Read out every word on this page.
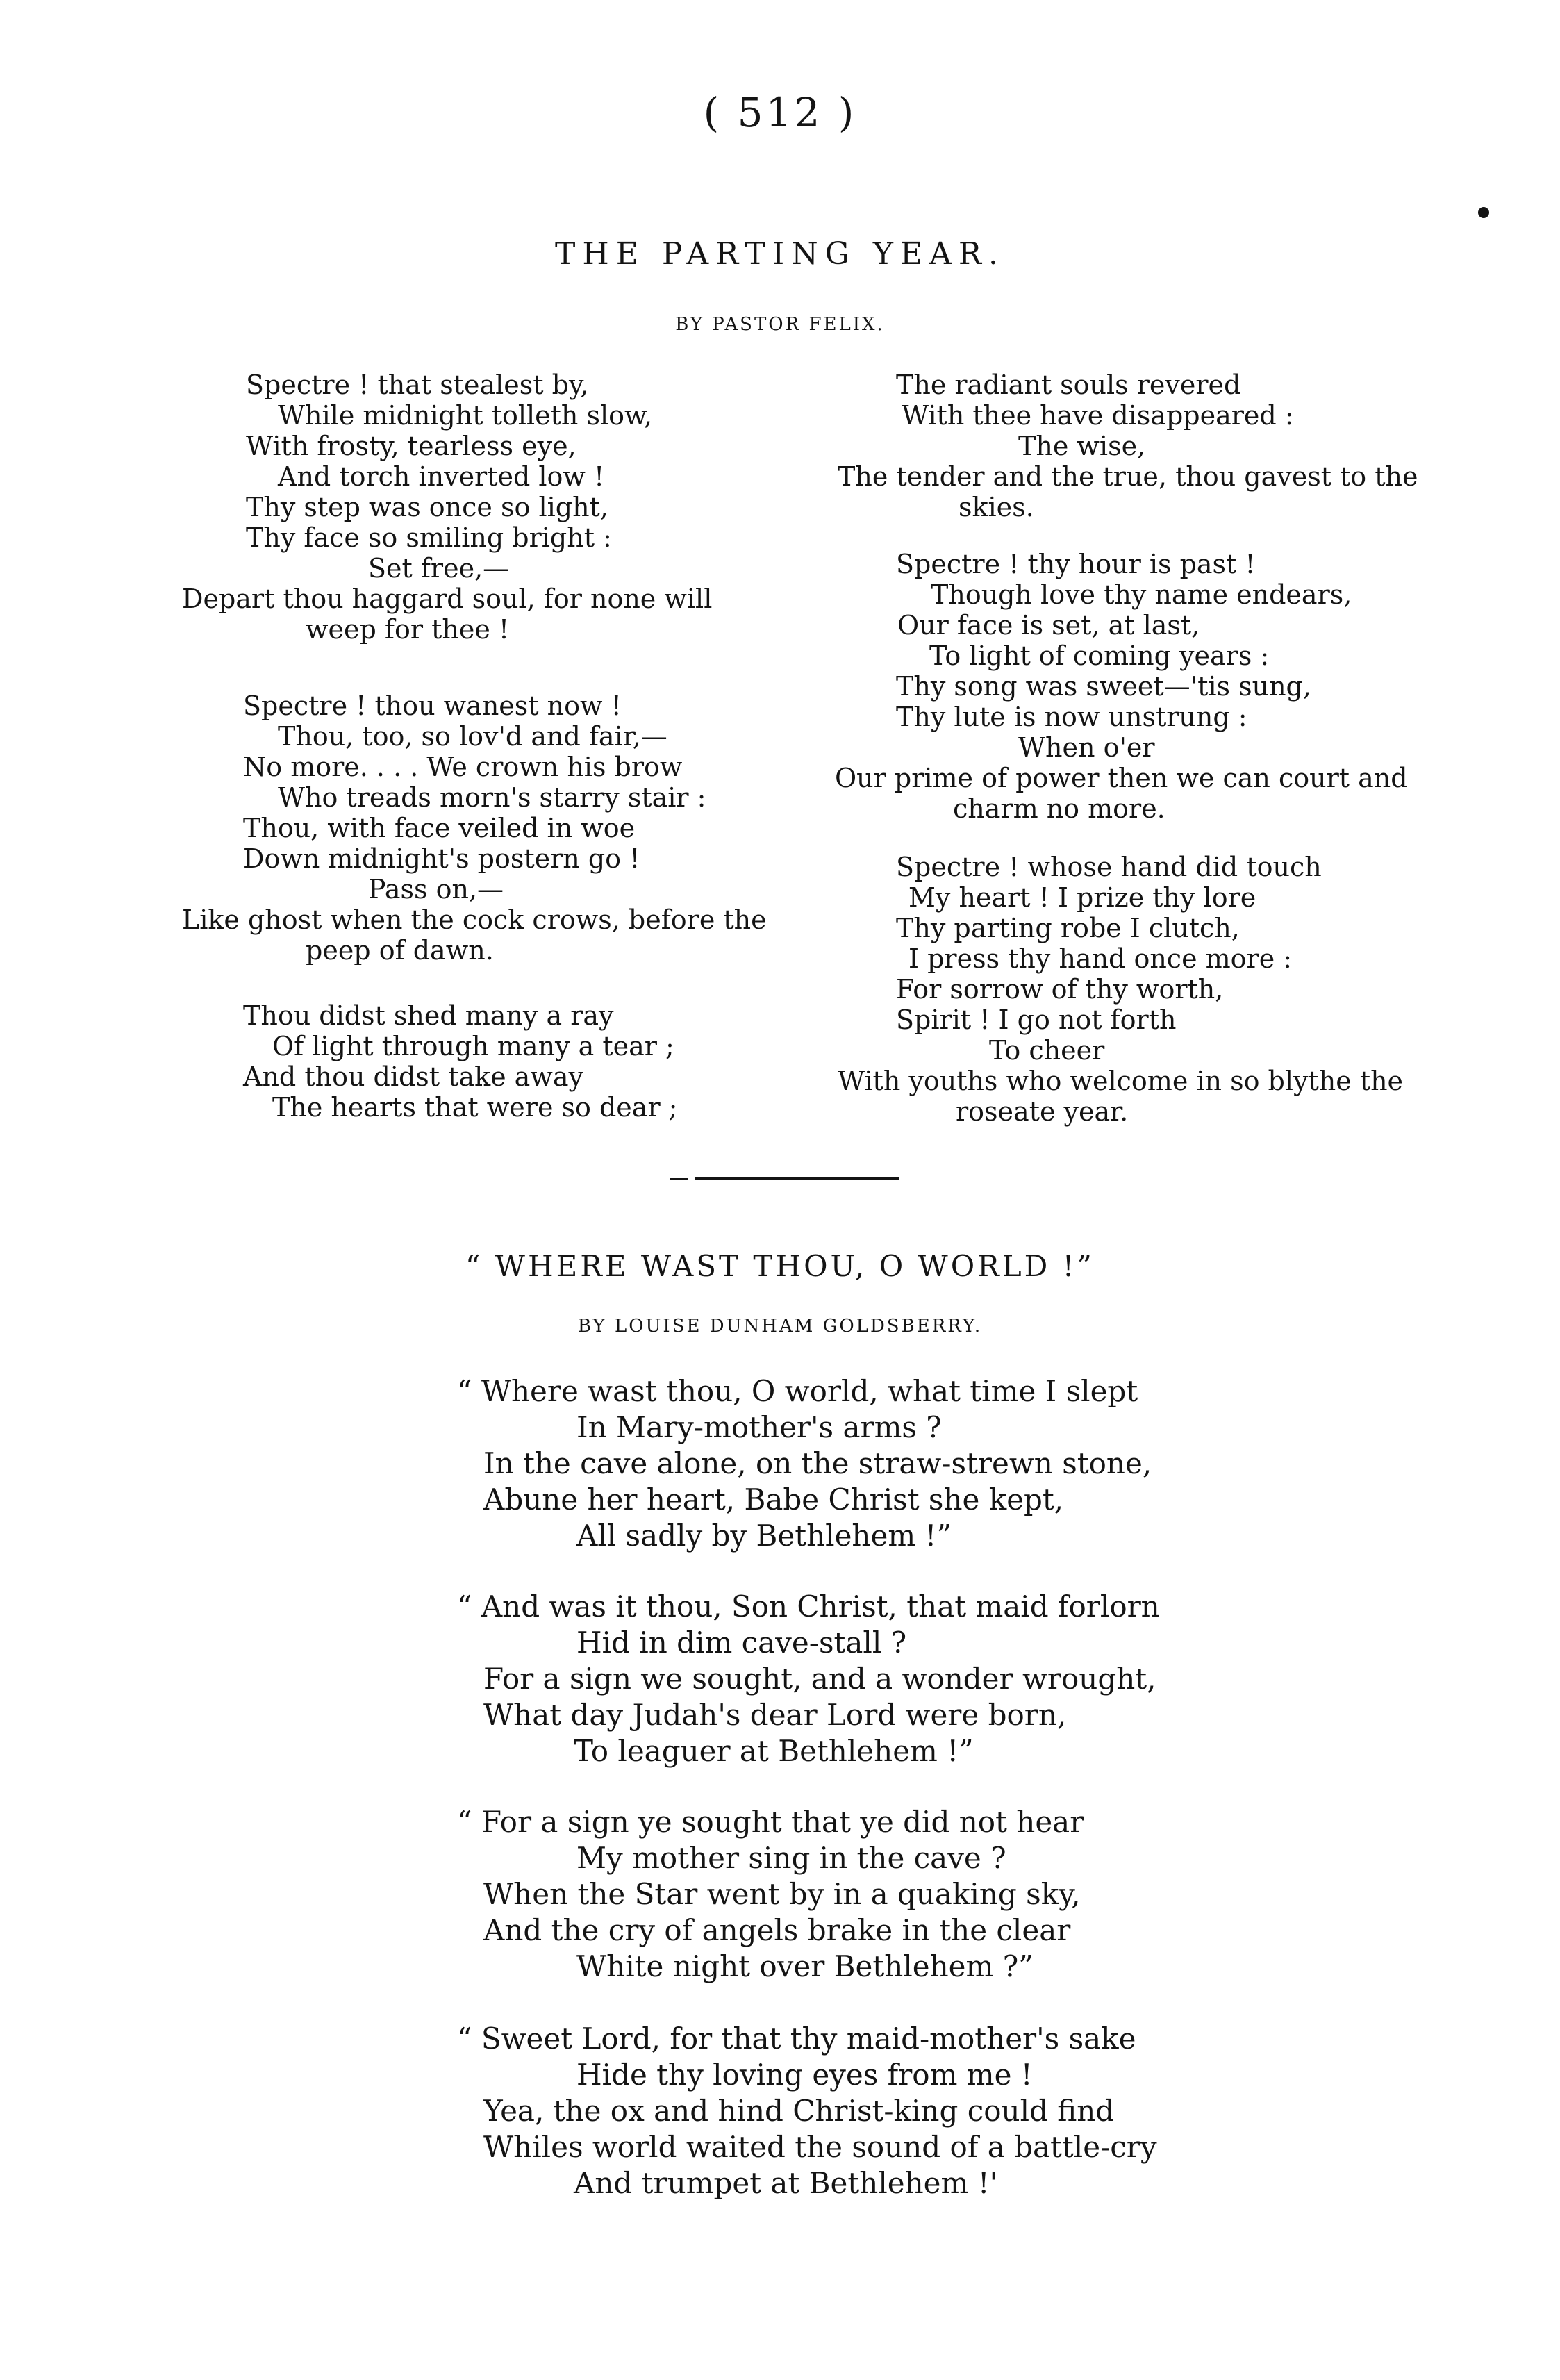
( 512 )
THE PARTING YEAR.
BY PASTOR FELIX.
Spectre ! that stealest by,
While midnight tolleth slow,
With frosty, tearless eye,
And torch inverted low !
Thy step was once so light,
Thy face so smiling bright :
Set free,—
Depart thou haggard soul, for none will
weep for thee !
Spectre ! thou wanest now !
Thou, too, so lov'd and fair,—
No more. . . . We crown his brow
Who treads morn's starry stair :
Thou, with face veiled in woe
Down midnight's postern go !
Pass on,—
Like ghost when the cock crows, before the
peep of dawn.
Thou didst shed many a ray
Of light through many a tear ;
And thou didst take away
The hearts that were so dear ;
The radiant souls revered
With thee have disappeared :
The wise,
The tender and the true, thou gavest to the
skies.
Spectre ! thy hour is past !
Though love thy name endears,
Our face is set, at last,
To light of coming years :
Thy song was sweet—'tis sung,
Thy lute is now unstrung :
When o'er
Our prime of power then we can court and
charm no more.
Spectre ! whose hand did touch
My heart ! I prize thy lore
Thy parting robe I clutch,
I press thy hand once more :
For sorrow of thy worth,
Spirit ! I go not forth
To cheer
With youths who welcome in so blythe the
roseate year.
“ WHERE WAST THOU, O WORLD !”
BY LOUISE DUNHAM GOLDSBERRY.
“ Where wast thou, O world, what time I slept
In Mary-mother's arms ?
In the cave alone, on the straw-strewn stone,
Abune her heart, Babe Christ she kept,
All sadly by Bethlehem !”
“ And was it thou, Son Christ, that maid forlorn
Hid in dim cave-stall ?
For a sign we sought, and a wonder wrought,
What day Judah's dear Lord were born,
To leaguer at Bethlehem !”
“ For a sign ye sought that ye did not hear
My mother sing in the cave ?
When the Star went by in a quaking sky,
And the cry of angels brake in the clear
White night over Bethlehem ?”
“ Sweet Lord, for that thy maid-mother's sake
Hide thy loving eyes from me !
Yea, the ox and hind Christ-king could find
Whiles world waited the sound of a battle-cry
And trumpet at Bethlehem !'
